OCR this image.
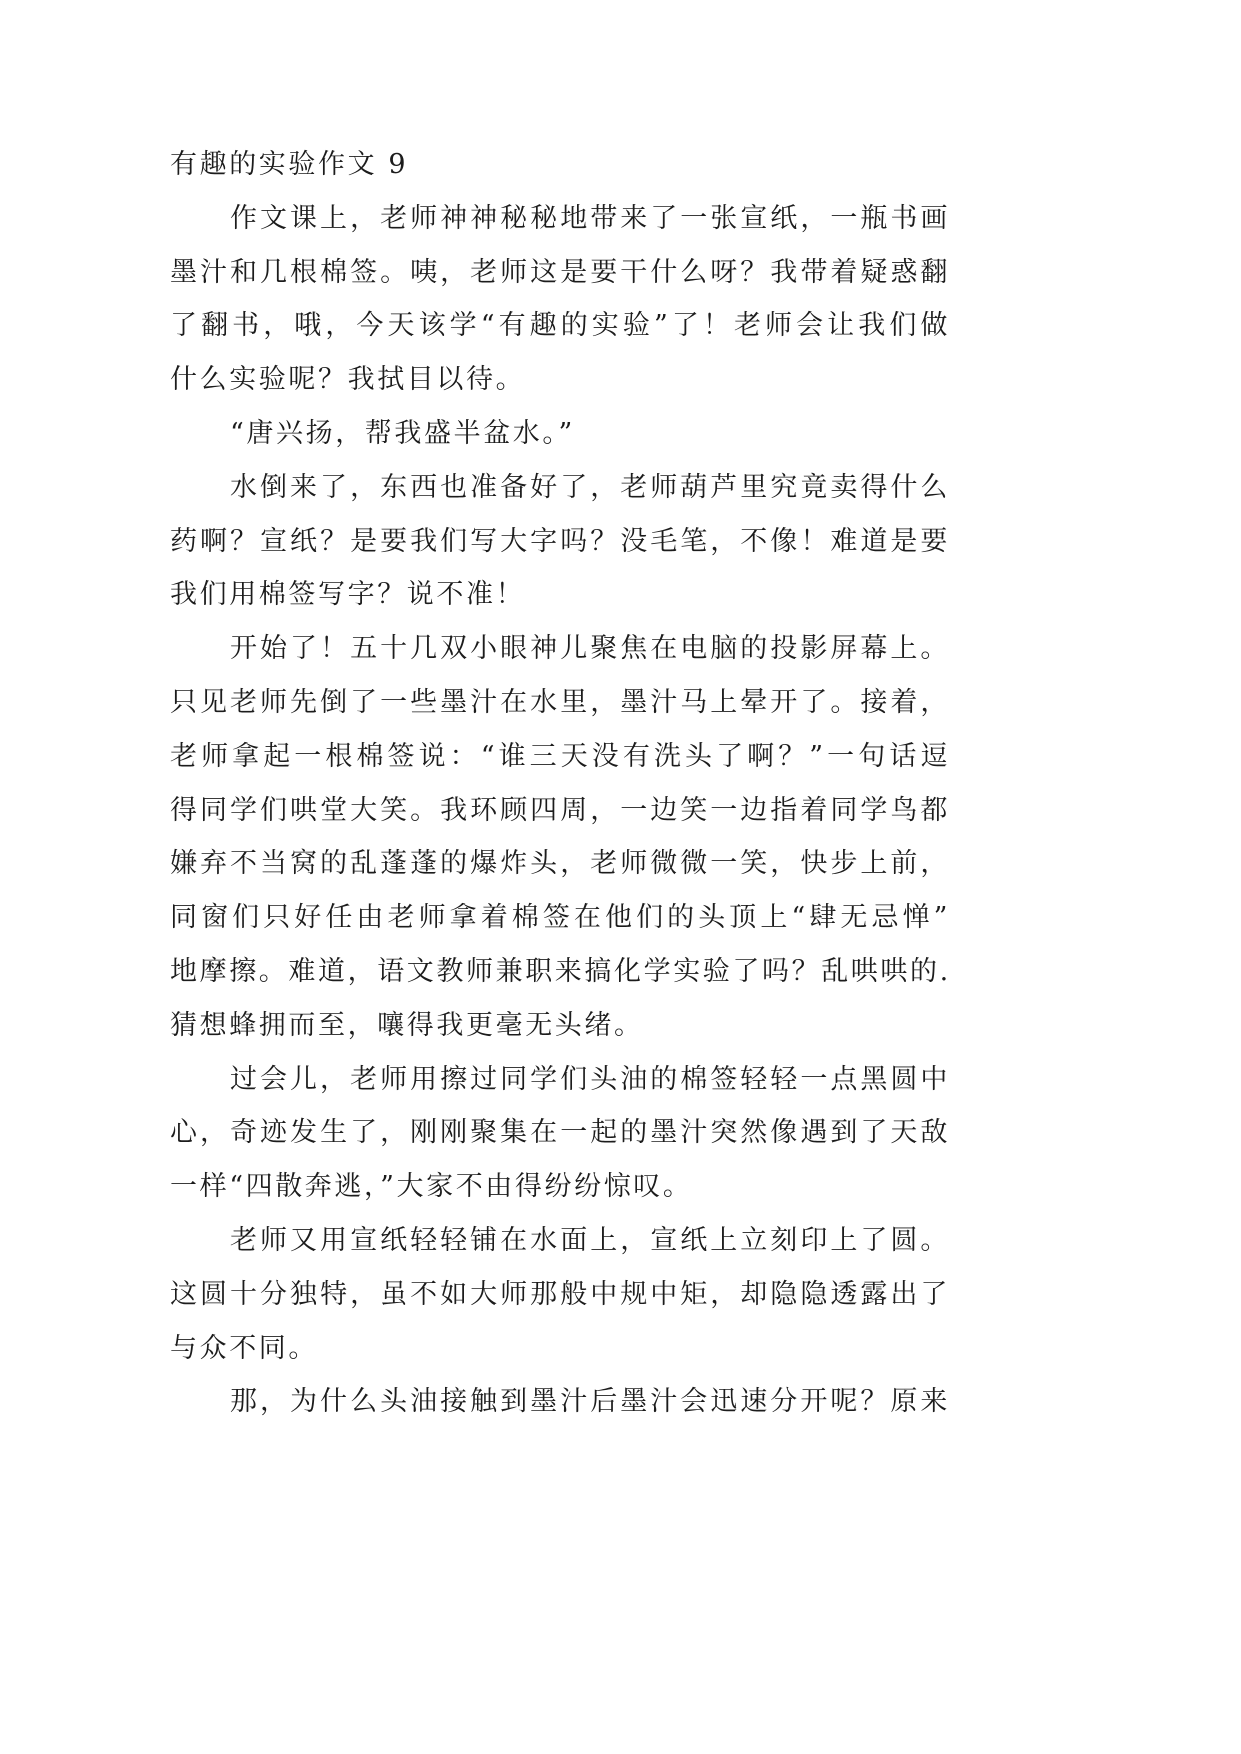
有趣的实验作文 9
作文课上，老师神神秘秘地带来了一张宣纸，一瓶书画
墨汁和几根棉签。咦，老师这是要干什么呀？我带着疑惑翻
了翻书，哦，今天该学“有趣的实验”了！老师会让我们做
什么实验呢？我拭目以待。
“唐兴扬，帮我盛半盆水。”
水倒来了，东西也准备好了，老师葫芦里究竟卖得什么
药啊？宣纸？是要我们写大字吗？没毛笔，不像！难道是要
我们用棉签写字？说不准！
开始了！五十几双小眼神儿聚焦在电脑的投影屏幕上。
只见老师先倒了一些墨汁在水里，墨汁马上晕开了。接着，
老师拿起一根棉签说：“谁三天没有洗头了啊？”一句话逗
得同学们哄堂大笑。我环顾四周，一边笑一边指着同学鸟都
嫌弃不当窝的乱蓬蓬的爆炸头，老师微微一笑，快步上前，
同窗们只好任由老师拿着棉签在他们的头顶上“肆无忌惮”
地摩擦。难道，语文教师兼职来搞化学实验了吗？乱哄哄的.
猜想蜂拥而至，嚷得我更毫无头绪。
过会儿，老师用擦过同学们头油的棉签轻轻一点黑圆中
心，奇迹发生了，刚刚聚集在一起的墨汁突然像遇到了天敌
一样“四散奔逃，”大家不由得纷纷惊叹。
老师又用宣纸轻轻铺在水面上，宣纸上立刻印上了圆。
这圆十分独特，虽不如大师那般中规中矩，却隐隐透露出了
与众不同。
那，为什么头油接触到墨汁后墨汁会迅速分开呢？原来
